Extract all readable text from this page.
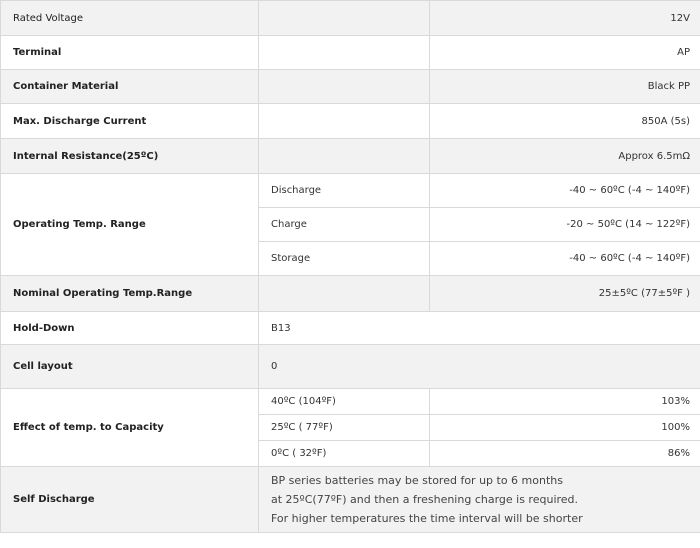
Rated Voltage		12V
Terminal		AP
Container Material		Black PP
Max. Discharge Current		850A (5s)
Internal Resistance(25ºC)		Approx 6.5mΩ
Operating Temp. Range	Discharge	-40 ~ 60ºC (-4 ~ 140ºF)
	Charge	-20 ~ 50ºC (14 ~ 122ºF)
	Storage	-40 ~ 60ºC (-4 ~ 140ºF)
Nominal Operating Temp.Range		25±5ºC (77±5ºF )
Hold-Down	B13	
Cell layout	0	
Effect of temp. to Capacity	40ºC (104ºF)	103%
	25ºC ( 77ºF)	100%
	0ºC ( 32ºF)	86%
Self Discharge	BP series batteries may be stored for up to 6 months
at 25ºC(77ºF) and then a freshening charge is required.
For higher temperatures the time interval will be shorter	
